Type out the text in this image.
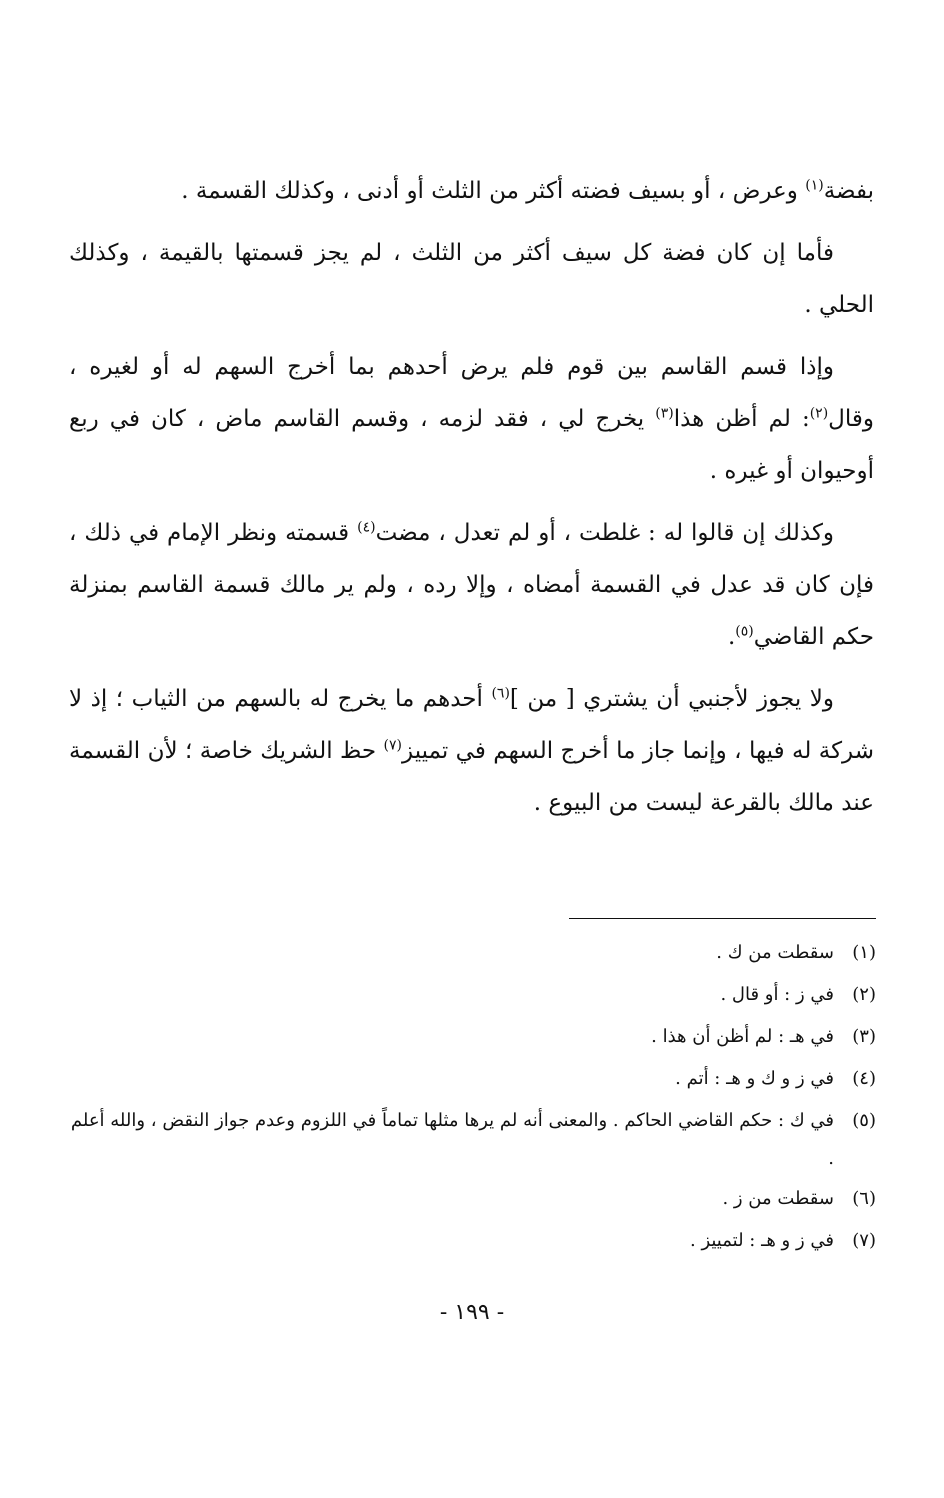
بفضة$^{(١)}$ وعرض ، أو بسيف فضته أكثر من الثلث أو أدنى ، وكذلك القسمة .

فأما إن كان فضة كل سيف أكثر من الثلث ، لم يجز قسمتها بالقيمة ، وكذلك الحلي .

وإذا قسم القاسم بين قوم فلم يرض أحدهم بما أخرج السهم له أو لغيره ، وقال$^{(٢)}$: لم أظن هذا$^{(٣)}$ يخرج لي ، فقد لزمه ، وقسم القاسم ماض ، كان في ربع أوحيوان أو غيره .

وكذلك إن قالوا له : غلطت ، أو لم تعدل ، مضت$^{(٤)}$ قسمته ونظر الإمام في ذلك ، فإن كان قد عدل في القسمة أمضاه ، وإلا رده ، ولم ير مالك قسمة القاسم بمنزلة حكم القاضي$^{(٥)}$.

ولا يجوز لأجنبي أن يشتري [ من ]$^{(٦)}$ أحدهم ما يخرج له بالسهم من الثياب ؛ إذ لا شركة له فيها ، وإنما جاز ما أخرج السهم في تمييز$^{(٧)}$ حظ الشريك خاصة ؛ لأن القسمة عند مالك بالقرعة ليست من البيوع .

(١)
سقطت من ك .
(٢)
في ز : أو قال .
(٣)
في هـ : لم أظن أن هذا .
(٤)
في ز و ك و هـ : أتم .
(٥)
في ك : حكم القاضي الحاكم . والمعنى أنه لم يرها مثلها تماماً في اللزوم وعدم جواز النقض ، والله أعلم .
(٦)
سقطت من ز .
(٧)
في ز و هـ : لتمييز .
- ١٩٩ -
